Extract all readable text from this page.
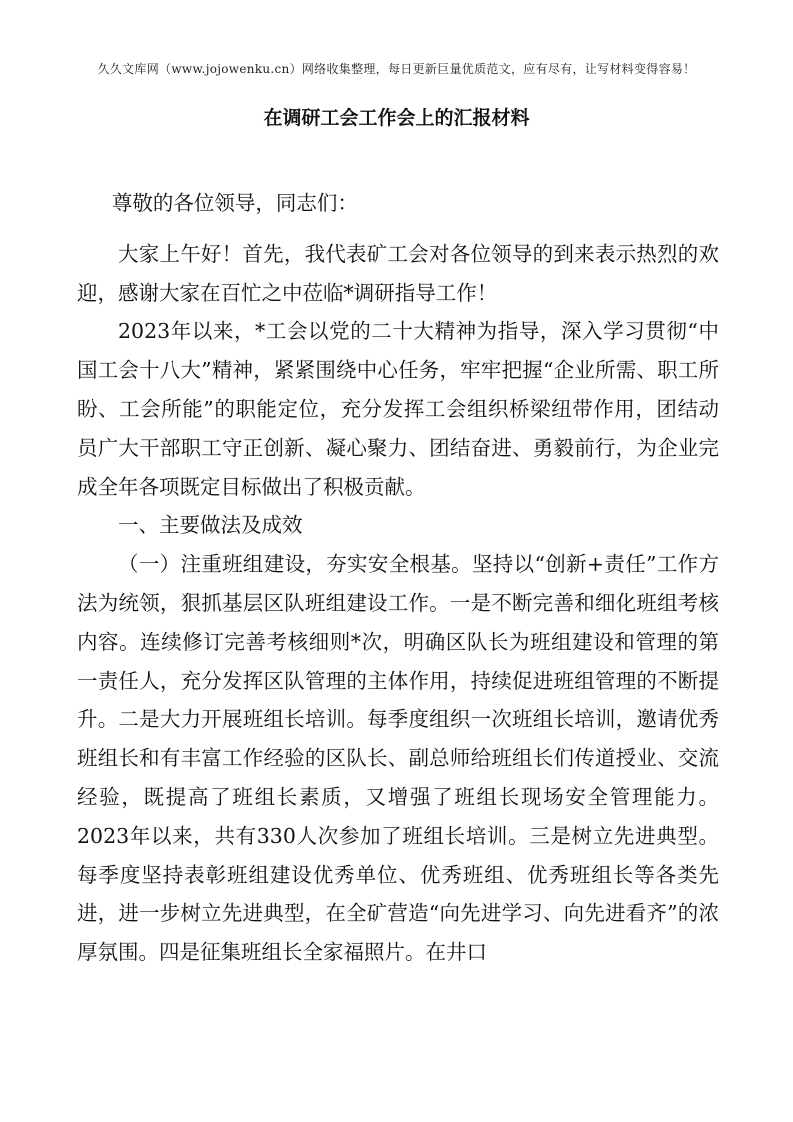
久久文库网（www.jojowenku.cn）网络收集整理，每日更新巨量优质范文，应有尽有，让写材料变得容易！
在调研工会工作会上的汇报材料

尊敬的各位领导，同志们：

大家上午好！首先，我代表矿工会对各位领导的到来表示热烈的欢迎，感谢大家在百忙之中莅临*调研指导工作！

2023年以来，*工会以党的二十大精神为指导，深入学习贯彻“中国工会十八大”精神，紧紧围绕中心任务，牢牢把握“企业所需、职工所盼、工会所能”的职能定位，充分发挥工会组织桥梁纽带作用，团结动员广大干部职工守正创新、凝心聚力、团结奋进、勇毅前行，为企业完成全年各项既定目标做出了积极贡献。

一、主要做法及成效

（一）注重班组建设，夯实安全根基。坚持以“创新+责任”工作方法为统领，狠抓基层区队班组建设工作。一是不断完善和细化班组考核内容。连续修订完善考核细则*次，明确区队长为班组建设和管理的第一责任人，充分发挥区队管理的主体作用，持续促进班组管理的不断提升。二是大力开展班组长培训。每季度组织一次班组长培训，邀请优秀班组长和有丰富工作经验的区队长、副总师给班组长们传道授业、交流经验，既提高了班组长素质，又增强了班组长现场安全管理能力。2023年以来，共有330人次参加了班组长培训。三是树立先进典型。每季度坚持表彰班组建设优秀单位、优秀班组、优秀班组长等各类先进，进一步树立先进典型，在全矿营造“向先进学习、向先进看齐”的浓厚氛围。四是征集班组长全家福照片。在井口
